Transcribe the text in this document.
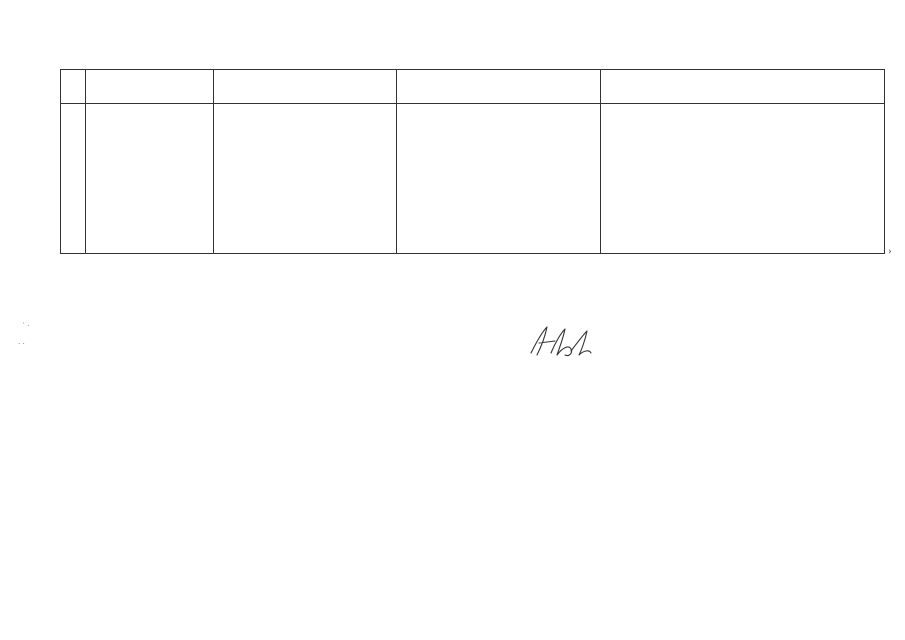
· .
. .
›
